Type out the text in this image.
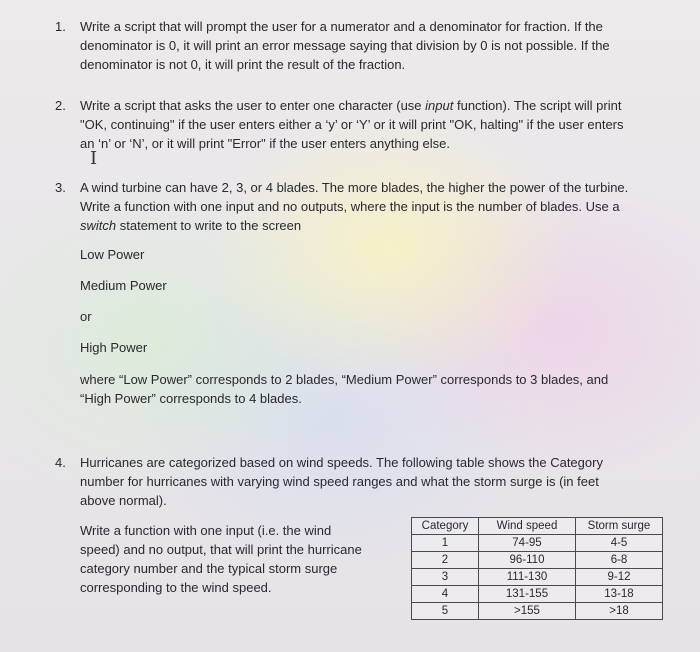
1. Write a script that will prompt the user for a numerator and a denominator for fraction. If the

denominator is 0, it will print an error message saying that division by 0 is not possible. If the

denominator is not 0, it will print the result of the fraction.

2. Write a script that asks the user to enter one character (use input function). The script will print

"OK, continuing" if the user enters either a ‘y’ or ‘Y’ or it will print "OK, halting" if the user enters

an ‘n’ or ‘N’, or it will print "Error" if the user enters anything else.

I
3. A wind turbine can have 2, 3, or 4 blades. The more blades, the higher the power of the turbine.

Write a function with one input and no outputs, where the input is the number of blades. Use a

switch statement to write to the screen

Low Power
Medium Power
or
High Power

where “Low Power” corresponds to 2 blades, “Medium Power” corresponds to 3 blades, and

“High Power” corresponds to 4 blades.

4. Hurricanes are categorized based on wind speeds. The following table shows the Category

number for hurricanes with varying wind speed ranges and what the storm surge is (in feet

above normal).

Write a function with one input (i.e. the wind

speed) and no output, that will print the hurricane

category number and the typical storm surge

corresponding to the wind speed.

Category	Wind speed	Storm surge
1	74-95	4-5
2	96-110	6-8
3	111-130	9-12
4	131-155	13-18
5	>155	>18
